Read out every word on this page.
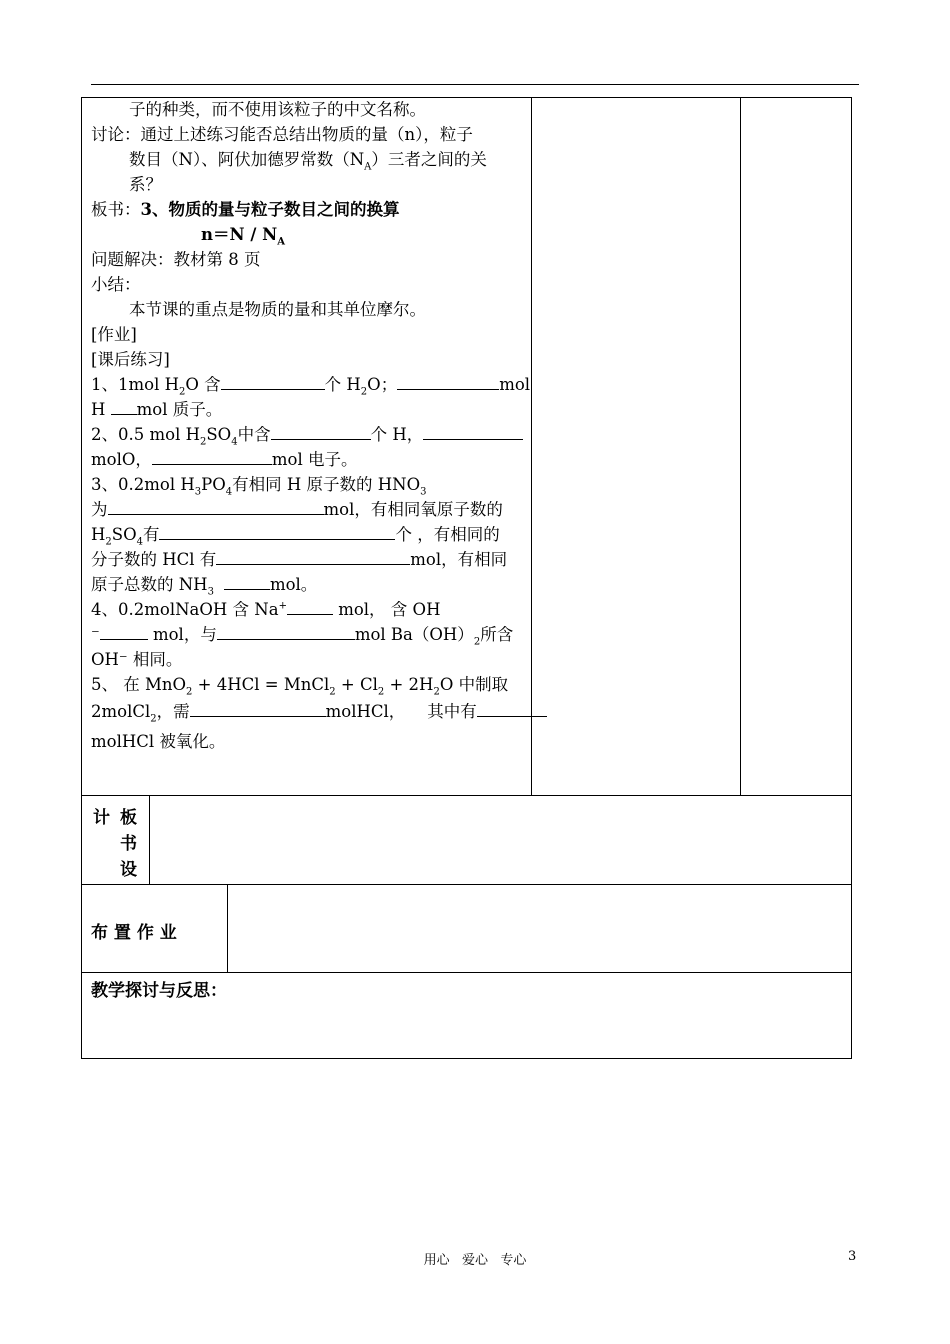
子的种类，而不使用该粒子的中文名称。
讨论：通过上述练习能否总结出物质的量（n），粒子
数目（N）、阿伏加德罗常数$(N_A)$三者之间的关
系？
板书：3、物质的量与粒子数目之间的换算
$n=N / N_A$
问题解决：教材第 8 页
小结：
本节课的重点是物质的量和其单位摩尔。
[作业]
[课后练习]
1、1mol $H_2O$ 含	个 $H_2O$；	mol
H mol 质子。
2、0.5 mol $H_2SO_4$中含	个 H，
molO，	mol 电子。
3、0.2mol $H_3PO_4$有相同 H 原子数的 $HNO_3$
为	mol，有相同氧原子数的
$H_2SO_4$有	个 ，有相同的
分子数的 HCl 有	mol，有相同
原子总数的 $NH_3$	mol。
4、0.2molNaOH 含 Na+	mol， 含 OH
⁻	mol，与	mol $Ba(OH)_2$所含
OH⁻ 相同。
5、 在 MnO$_2$ + 4HCl = MnCl$_2$ + $Cl_2 + 2H_2O$ 中制取
2molCl$_2$，需	molHCl， 其中有
molHCl 被氧化。
计 板
书
设
布 置 作 业
教学探讨与反思：
用心   爱心   专心	3
